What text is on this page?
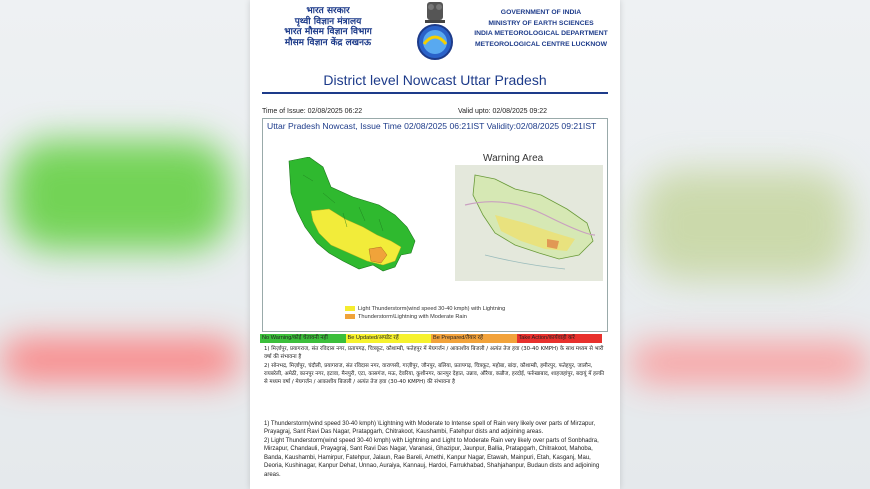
भारत सरकार
पृथ्वी विज्ञान मंत्रालय
भारत मौसम विज्ञान विभाग
मौसम विज्ञान केंद्र लखनऊ
GOVERNMENT OF INDIA
MINISTRY OF EARTH SCIENCES
INDIA METEOROLOGICAL DEPARTMENT
METEOROLOGICAL CENTRE LUCKNOW
District level Nowcast Uttar Pradesh
Time of Issue: 02/08/2025 06:22	Valid upto: 02/08/2025 09:22
Uttar Pradesh Nowcast, Issue Time 02/08/2025 06:21IST Validity:02/08/2025 09:21IST
Warning Area
Light Thunderstorm(wind speed 30-40 kmph) with Lightning
Thunderstorm\Lightning with Moderate Rain
No Warning/कोई चेतावनी नहीं	Be Updated/अपडेट रहें	Be Prepared/तैयार रहें	Take Action/कार्यवाही करें
1) मिर्ज़ापुर, प्रयागराज, संत रविदास नगर, प्रतापगढ़, चित्रकूट, कौशाम्बी, फतेहपुर में मेघगर्जन / आकाशीय बिजली / अत्यंत तेज हवा (30-40 KMPH) के साथ मध्यम से भारी वर्षा की संभावना है
2) सोनभद्र, मिर्ज़ापुर, चंदौली, प्रयागराज, संत रविदास नगर, वाराणसी, गाज़ीपुर, जौनपुर, बलिया, प्रतापगढ़, चित्रकूट, महोबा, बांदा, कौशाम्बी, हमीरपुर, फतेहपुर, जालौन, रायबरेली, अमेठी, कानपुर नगर, इटावा, मैनपुरी, एटा, कासगंज, मऊ, देवरिया, कुशीनगर, कानपुर देहात, उन्नाव, औरैया, कन्नौज, हरदोई, फर्रुखाबाद, शाहजहांपुर, बदायूं में हल्की से मध्यम वर्षा / मेघगर्जन / आकाशीय बिजली / अत्यंत तेज हवा (30-40 KMPH) की संभावना है
1) Thunderstorm(wind speed 30-40 kmph) \Lightning with Moderate to Intense spell of Rain very likely over parts of Mirzapur, Prayagraj, Sant Ravi Das Nagar, Pratapgarh, Chitrakoot, Kaushambi, Fatehpur dists and adjoining areas.
2) Light Thunderstorm(wind speed 30-40 kmph) with Lightning and Light to Moderate Rain very likely over parts of Sonbhadra, Mirzapur, Chandauli, Prayagraj, Sant Ravi Das Nagar, Varanasi, Ghazipur, Jaunpur, Ballia, Pratapgarh, Chitrakoot, Mahoba, Banda, Kaushambi, Hamirpur, Fatehpur, Jalaun, Rae Bareli, Amethi, Kanpur Nagar, Etawah, Mainpuri, Etah, Kasganj, Mau, Deoria, Kushinagar, Kanpur Dehat, Unnao, Auraiya, Kannauj, Hardoi, Farrukhabad, Shahjahanpur, Budaun dists and adjoining areas.
